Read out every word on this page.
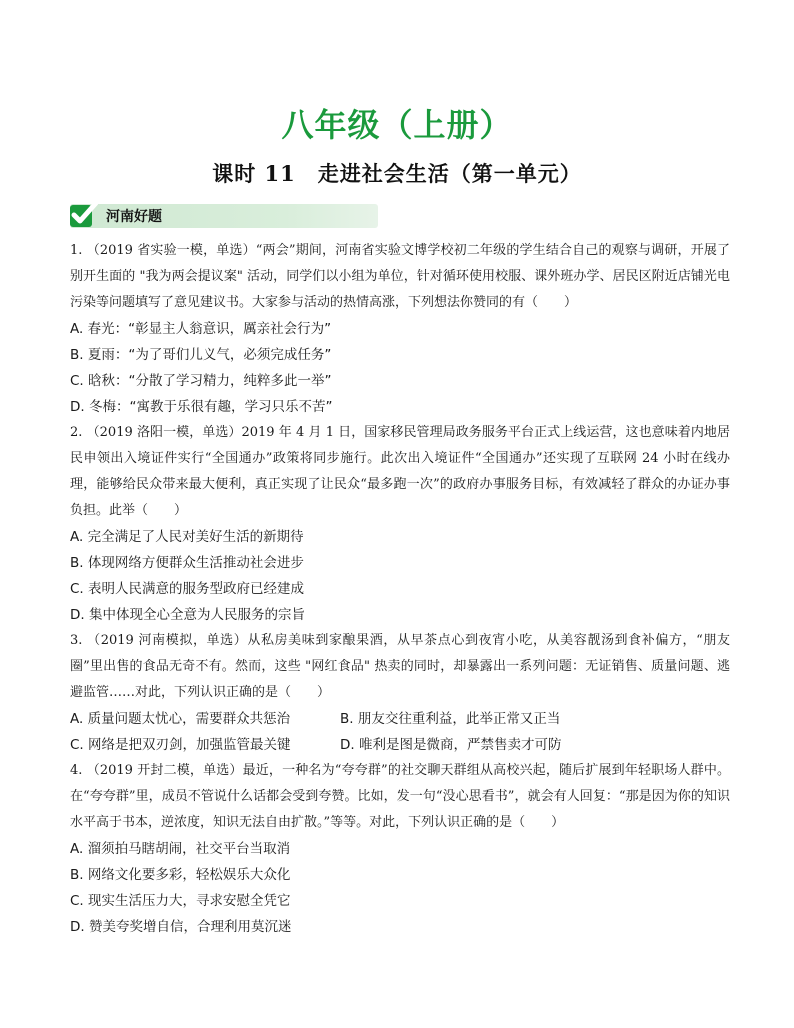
八年级（上册）
课时 11　走进社会生活（第一单元）
河南好题

1. （2019 省实验一模，单选）“两会”期间，河南省实验文博学校初二年级的学生结合自己的观察与调研，开展了别开生面的 "我为两会提议案" 活动，同学们以小组为单位，针对循环使用校服、课外班办学、居民区附近店铺光电污染等问题填写了意见建议书。大家参与活动的热情高涨，下列想法你赞同的有（　　）

A. 春光：“彰显主人翁意识，厲亲社会行为”

B. 夏雨：“为了哥们儿义气，必须完成任务”

C. 晗秋：“分散了学习精力，纯粹多此一举”

D. 冬梅：“寓教于乐很有趣，学习只乐不苦”

2. （2019 洛阳一模，单选）2019 年 4 月 1 日，国家移民管理局政务服务平台正式上线运营，这也意味着内地居民申领出入境证件实行“全国通办”政策将同步施行。此次出入境证件“全国通办”还实现了互联网 24 小时在线办理，能够给民众带来最大便利，真正实现了让民众“最多跑一次”的政府办事服务目标，有效减轻了群众的办证办事负担。此举（　　）

A. 完全满足了人民对美好生活的新期待

B. 体现网络方便群众生活推动社会进步

C. 表明人民满意的服务型政府已经建成

D. 集中体现全心全意为人民服务的宗旨

3. （2019 河南模拟，单选）从私房美味到家酿果酒，从早茶点心到夜宵小吃，从美容靓汤到食补偏方，“朋友圈”里出售的食品无奇不有。然而，这些 "网红食品" 热卖的同时，却暴露出一系列问题：无证销售、质量问题、逃避监管……对此，下列认识正确的是（　　）

A. 质量问题太忧心，需要群众共惩治	B. 朋友交往重利益，此举正常又正当

C. 网络是把双刃剑，加强监管最关键	D. 唯利是图是微商，严禁售卖才可防

4. （2019 开封二模，单选）最近，一种名为“夸夸群”的社交聊天群组从高校兴起，随后扩展到年轻职场人群中。在“夸夸群”里，成员不管说什么话都会受到夸赞。比如，发一句“没心思看书”，就会有人回复：“那是因为你的知识水平高于书本，逆浓度，知识无法自由扩散。”等等。对此，下列认识正确的是（　　）

A. 溜须拍马瞎胡闹，社交平台当取消

B. 网络文化要多彩，轻松娱乐大众化

C. 现实生活压力大，寻求安慰全凭它

D. 赞美夸奖增自信，合理利用莫沉迷
